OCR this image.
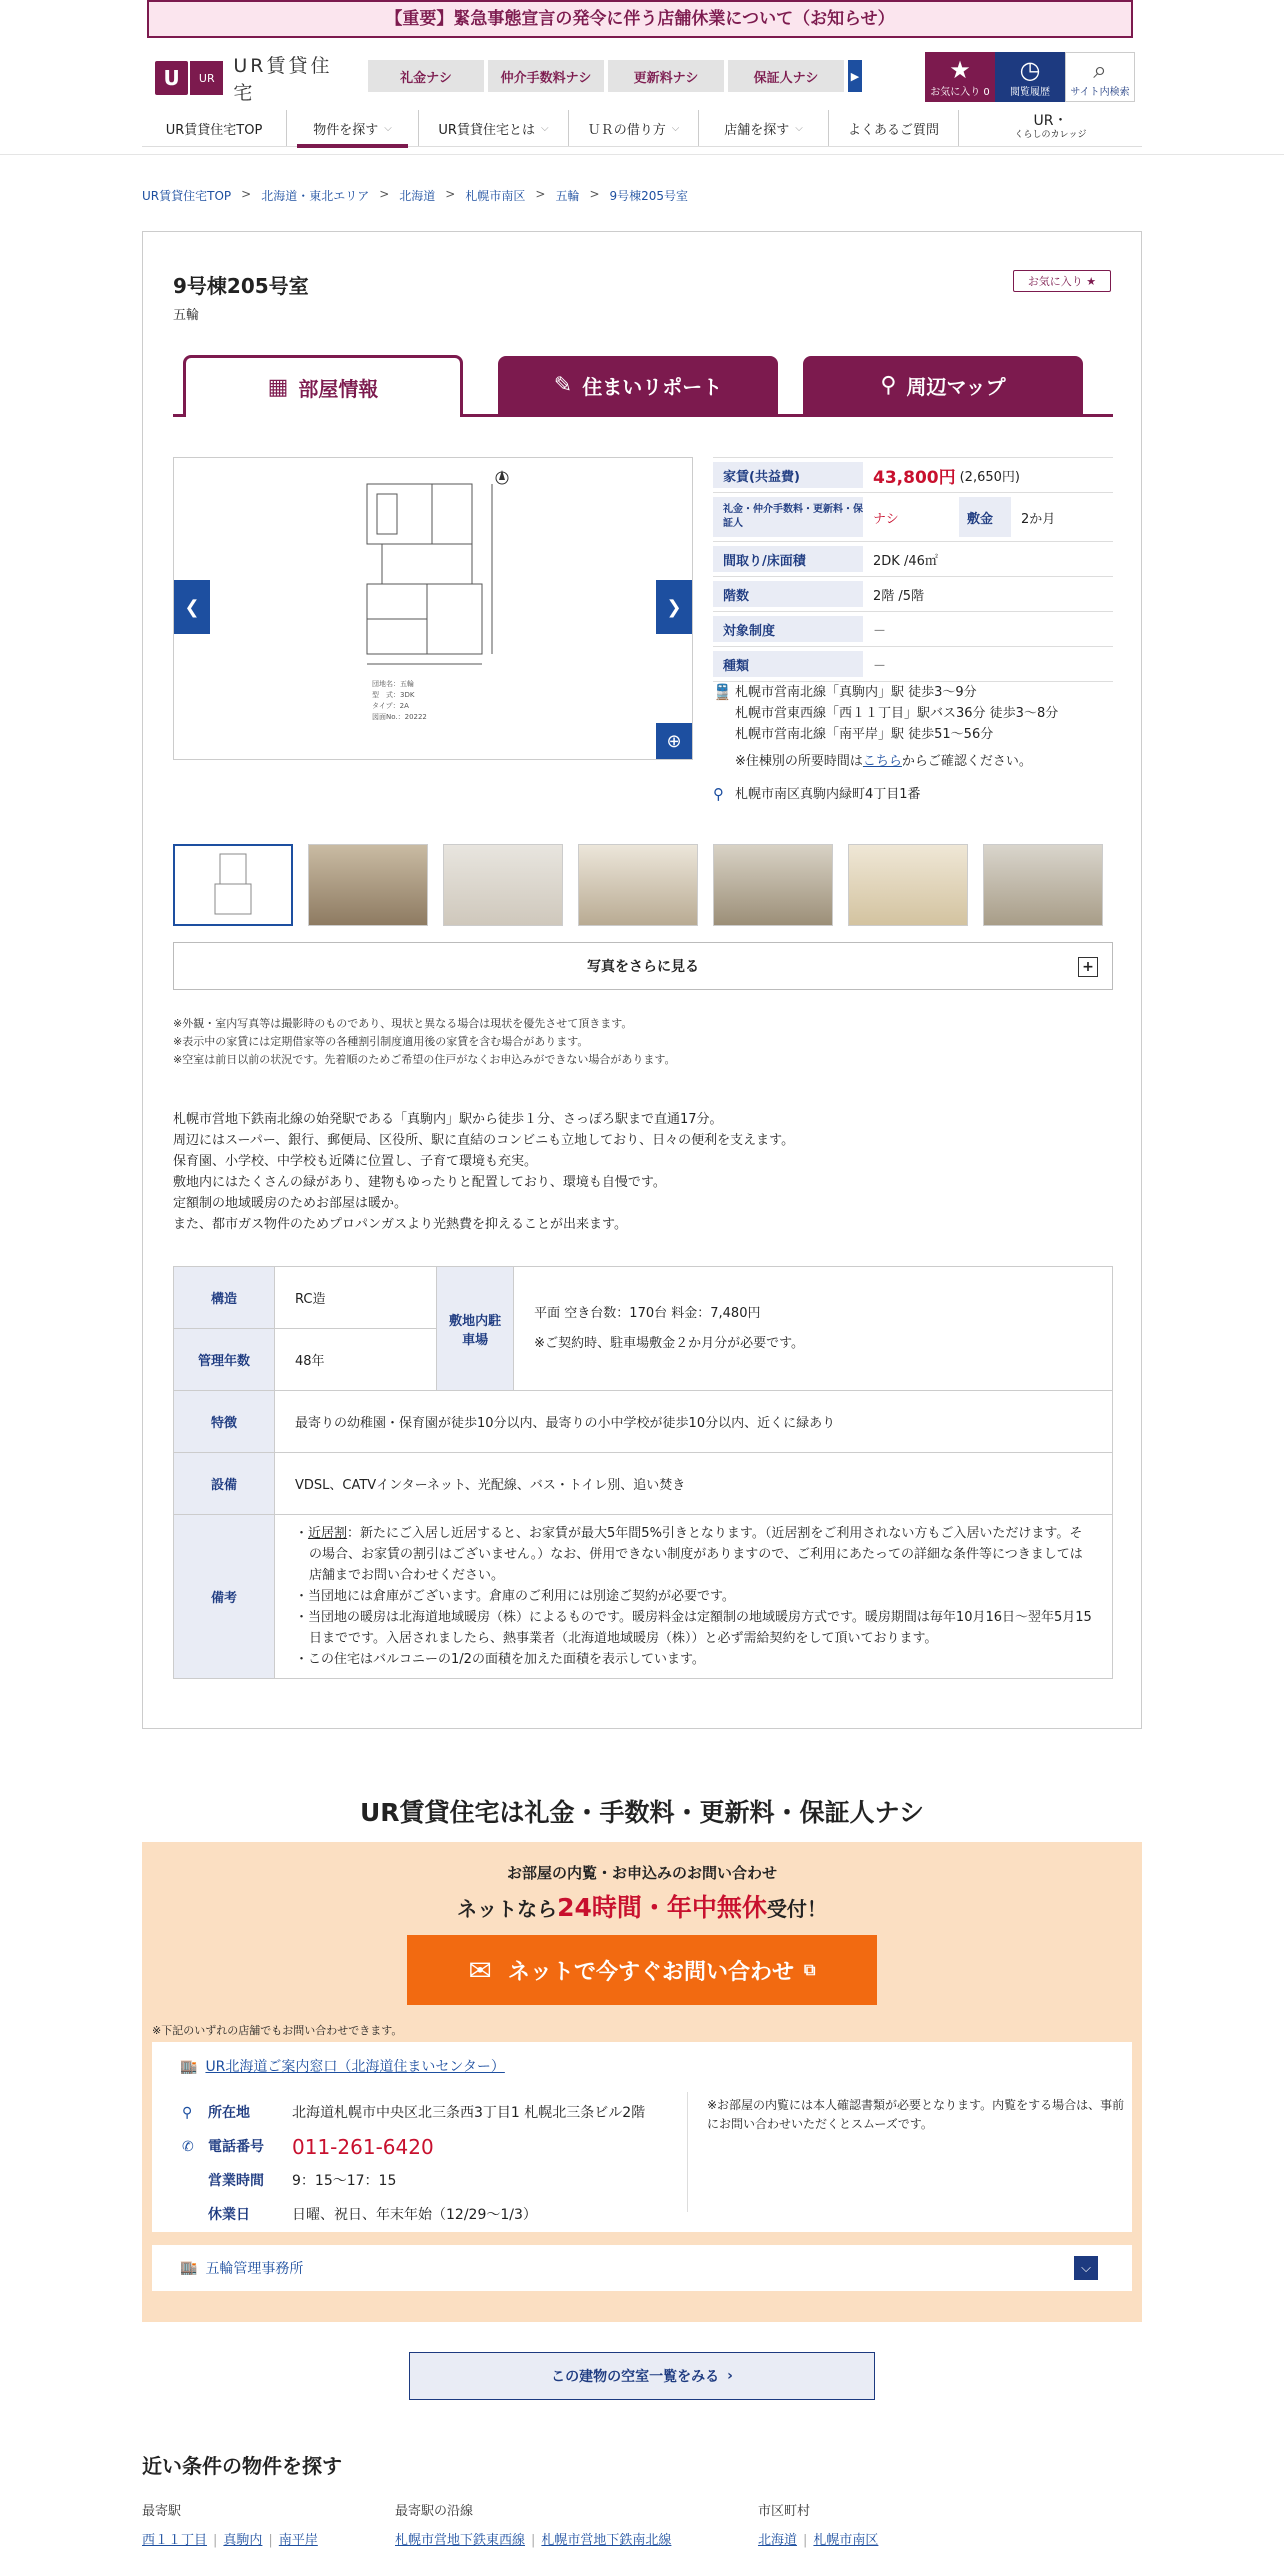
【重要】緊急事態宣言の発令に伴う店舗休業について（お知らせ）
U	UR
UR賃貸住宅
礼金ナシ	仲介手数料ナシ	更新料ナシ	保証人ナシ	▶	★
お気に入り 0
◷
閲覧履歴
⌕
サイト内検索
UR賃貸住宅TOP	物件を探す ⌵	UR賃貸住宅とは ⌵	ＵＲの借り方 ⌵	店舗を探す ⌵	よくあるご質問
UR・
くらしのカレッジ
UR賃貸住宅TOP > 北海道・東北エリア > 北海道 > 札幌市南区 > 五輪 > 9号棟205号室
9号棟205号室
五輪
お気に入り ★
▦ 部屋情報	✎ 住まいリポート	⚲ 周辺マップ
団地名：五輪
型　式：3DK
タイプ：2A
図面No.：20222
❮	❯
⊕
家賃(共益費)	43,800円 (2,650円)
礼金・仲介手数料・更新料・保証人	ナシ	敷金	2か月
間取り/床面積	2DK /46㎡
階数	2階 /5階
対象制度	－
種類	－
🚆 札幌市営南北線「真駒内」駅 徒歩3～9分
札幌市営東西線「西１１丁目」駅バス36分 徒歩3～8分
札幌市営南北線「南平岸」駅 徒歩51～56分
※住棟別の所要時間はこちらからご確認ください。
⚲ 札幌市南区真駒内緑町4丁目1番
写真をさらに見る	+
※外観・室内写真等は撮影時のものであり、現状と異なる場合は現状を優先させて頂きます。
※表示中の家賃には定期借家等の各種割引制度適用後の家賃を含む場合があります。
※空室は前日以前の状況です。先着順のためご希望の住戸がなくお申込みができない場合があります。
札幌市営地下鉄南北線の始発駅である「真駒内」駅から徒歩１分、さっぽろ駅まで直通17分。
周辺にはスーパー、銀行、郵便局、区役所、駅に直結のコンビニも立地しており、日々の便利を支えます。
保育園、小学校、中学校も近隣に位置し、子育て環境も充実。
敷地内にはたくさんの緑があり、建物もゆったりと配置しており、環境も自慢です。
定額制の地域暖房のためお部屋は暖か。
また、都市ガス物件のためプロパンガスより光熱費を抑えることが出来ます。
構造	RC造	敷地内駐車場	平面 空き台数：170台 料金：7,480円
※ご契約時、駐車場敷金２か月分が必要です。

管理年数	48年		
特徴	最寄りの幼稚園・保育園が徒歩10分以内、最寄りの小中学校が徒歩10分以内、近くに緑あり		
設備	VDSL、CATVインターネット、光配線、バス・トイレ別、追い焚き		
備考	・近居割：新たにご入居し近居すると、お家賃が最大5年間5%引きとなります。（近居割をご利用されない方もご入居いただけます。その場合、お家賃の割引はございません。）なお、併用できない制度がありますので、ご利用にあたっての詳細な条件等につきましては店舗までお問い合わせください。
・当団地には倉庫がございます。倉庫のご利用には別途ご契約が必要です。
・当団地の暖房は北海道地域暖房（株）によるものです。暖房料金は定額制の地域暖房方式です。暖房期間は毎年10月16日～翌年5月15日までです。入居されましたら、熱事業者（北海道地域暖房（株））と必ず需給契約をして頂いております。
・この住宅はバルコニーの1/2の面積を加えた面積を表示しています。		
UR賃貸住宅は礼金・手数料・更新料・保証人ナシ
お部屋の内覧・お申込みのお問い合わせ
ネットなら24時間・年中無休受付！
✉ ネットで今すぐお問い合わせ ⧉
※下記のいずれの店舗でもお問い合わせできます。
🏬 UR北海道ご案内窓口（北海道住まいセンター）
⚲ 所在地	北海道札幌市中央区北三条西3丁目1 札幌北三条ビル2階
✆ 電話番号	011-261-6420
営業時間	9：15～17：15
休業日	日曜、祝日、年末年始（12/29～1/3）
※お部屋の内覧には本人確認書類が必要となります。内覧をする場合は、事前にお問い合わせいただくとスムーズです。
🏬 五輪管理事務所	⌵
この建物の空室一覧をみる ›
近い条件の物件を探す
最寄駅
西１１丁目 | 真駒内 | 南平岸
最寄駅の沿線
札幌市営地下鉄東西線 | 札幌市営地下鉄南北線
市区町村
北海道 | 札幌市南区
